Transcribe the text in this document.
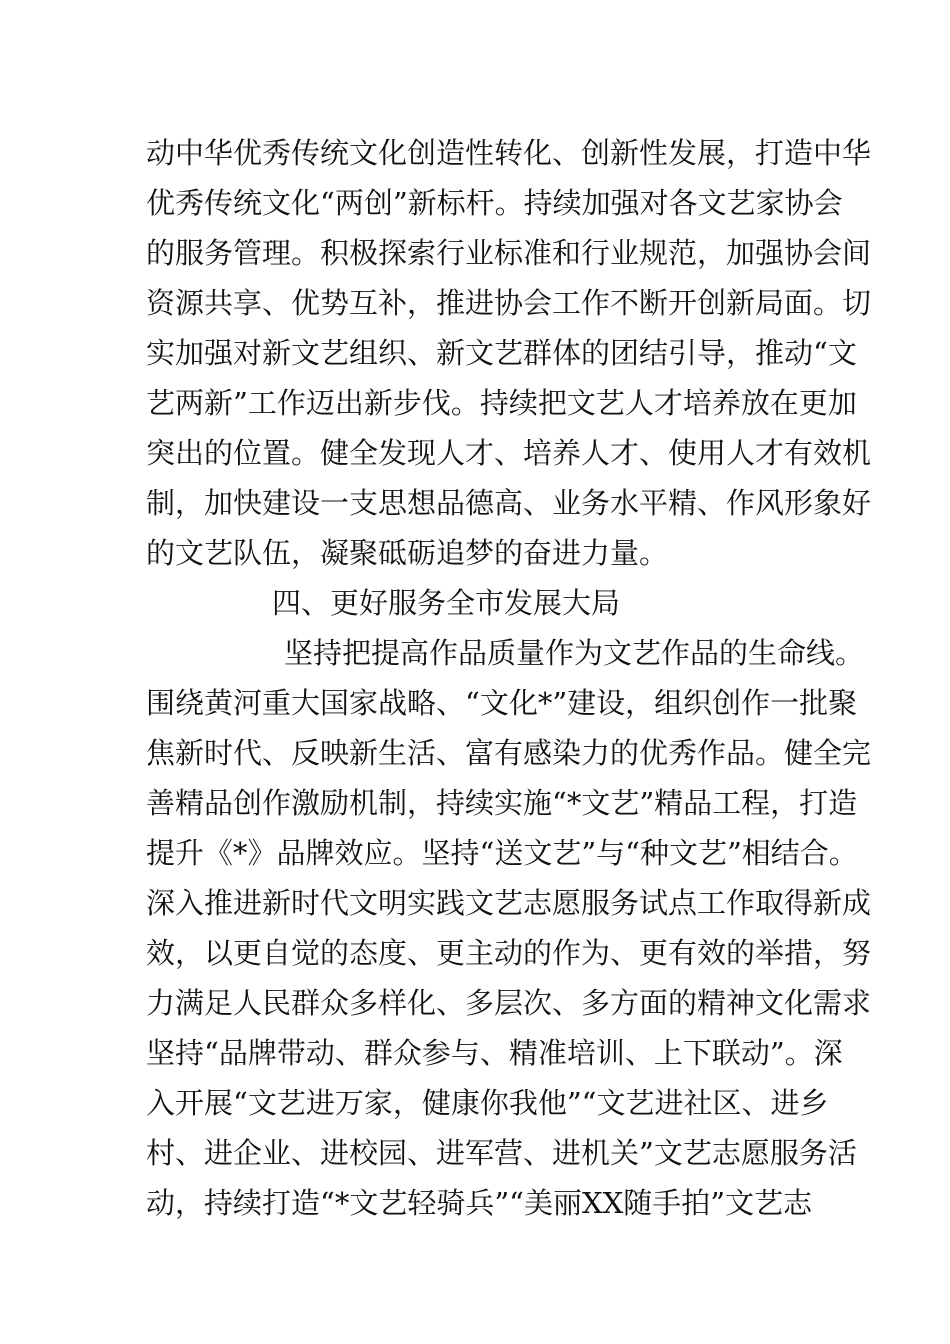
动中华优秀传统文化创造性转化、创新性发展，打造中华
优秀传统文化“两创”新标杆。持续加强对各文艺家协会
的服务管理。积极探索行业标准和行业规范，加强协会间
资源共享、优势互补，推进协会工作不断开创新局面。切
实加强对新文艺组织、新文艺群体的团结引导，推动“文
艺两新”工作迈出新步伐。持续把文艺人才培养放在更加
突出的位置。健全发现人才、培养人才、使用人才有效机
制，加快建设一支思想品德高、业务水平精、作风形象好
的文艺队伍，凝聚砥砺追梦的奋进力量。
四、更好服务全市发展大局
坚持把提高作品质量作为文艺作品的生命线。
围绕黄河重大国家战略、“文化*”建设，组织创作一批聚
焦新时代、反映新生活、富有感染力的优秀作品。健全完
善精品创作激励机制，持续实施“*文艺”精品工程，打造
提升《*》品牌效应。坚持“送文艺”与“种文艺”相结合。
深入推进新时代文明实践文艺志愿服务试点工作取得新成
效，以更自觉的态度、更主动的作为、更有效的举措，努
力满足人民群众多样化、多层次、多方面的精神文化需求
坚持“品牌带动、群众参与、精准培训、上下联动”。深
入开展“文艺进万家，健康你我他”“文艺进社区、进乡
村、进企业、进校园、进军营、进机关”文艺志愿服务活
动，持续打造“*文艺轻骑兵”“美丽XX随手拍”文艺志
